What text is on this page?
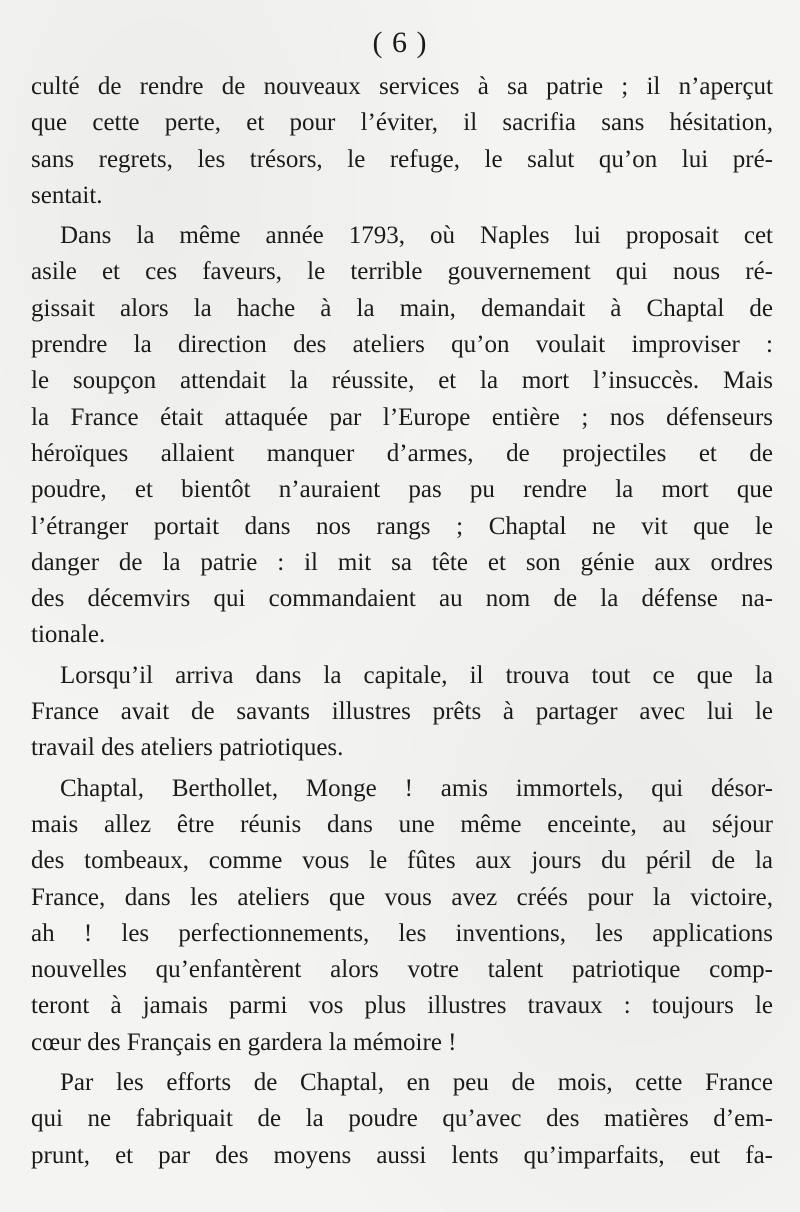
( 6 )
culté de rendre de nouveaux services à sa patrie ; il n’aperçut
que cette perte, et pour l’éviter, il sacrifia sans hésitation,
sans regrets, les trésors, le refuge, le salut qu’on lui pré-
sentait.
Dans la même année 1793, où Naples lui proposait cet
asile et ces faveurs, le terrible gouvernement qui nous ré-
gissait alors la hache à la main, demandait à Chaptal de
prendre la direction des ateliers qu’on voulait improviser :
le soupçon attendait la réussite, et la mort l’insuccès. Mais
la France était attaquée par l’Europe entière ; nos défenseurs
héroïques allaient manquer d’armes, de projectiles et de
poudre, et bientôt n’auraient pas pu rendre la mort que
l’étranger portait dans nos rangs ; Chaptal ne vit que le
danger de la patrie : il mit sa tête et son génie aux ordres
des décemvirs qui commandaient au nom de la défense na-
tionale.
Lorsqu’il arriva dans la capitale, il trouva tout ce que la
France avait de savants illustres prêts à partager avec lui le
travail des ateliers patriotiques.
Chaptal, Berthollet, Monge ! amis immortels, qui désor-
mais allez être réunis dans une même enceinte, au séjour
des tombeaux, comme vous le fûtes aux jours du péril de la
France, dans les ateliers que vous avez créés pour la victoire,
ah ! les perfectionnements, les inventions, les applications
nouvelles qu’enfantèrent alors votre talent patriotique comp-
teront à jamais parmi vos plus illustres travaux : toujours le
cœur des Français en gardera la mémoire !
Par les efforts de Chaptal, en peu de mois, cette France
qui ne fabriquait de la poudre qu’avec des matières d’em-
prunt, et par des moyens aussi lents qu’imparfaits, eut fa-
